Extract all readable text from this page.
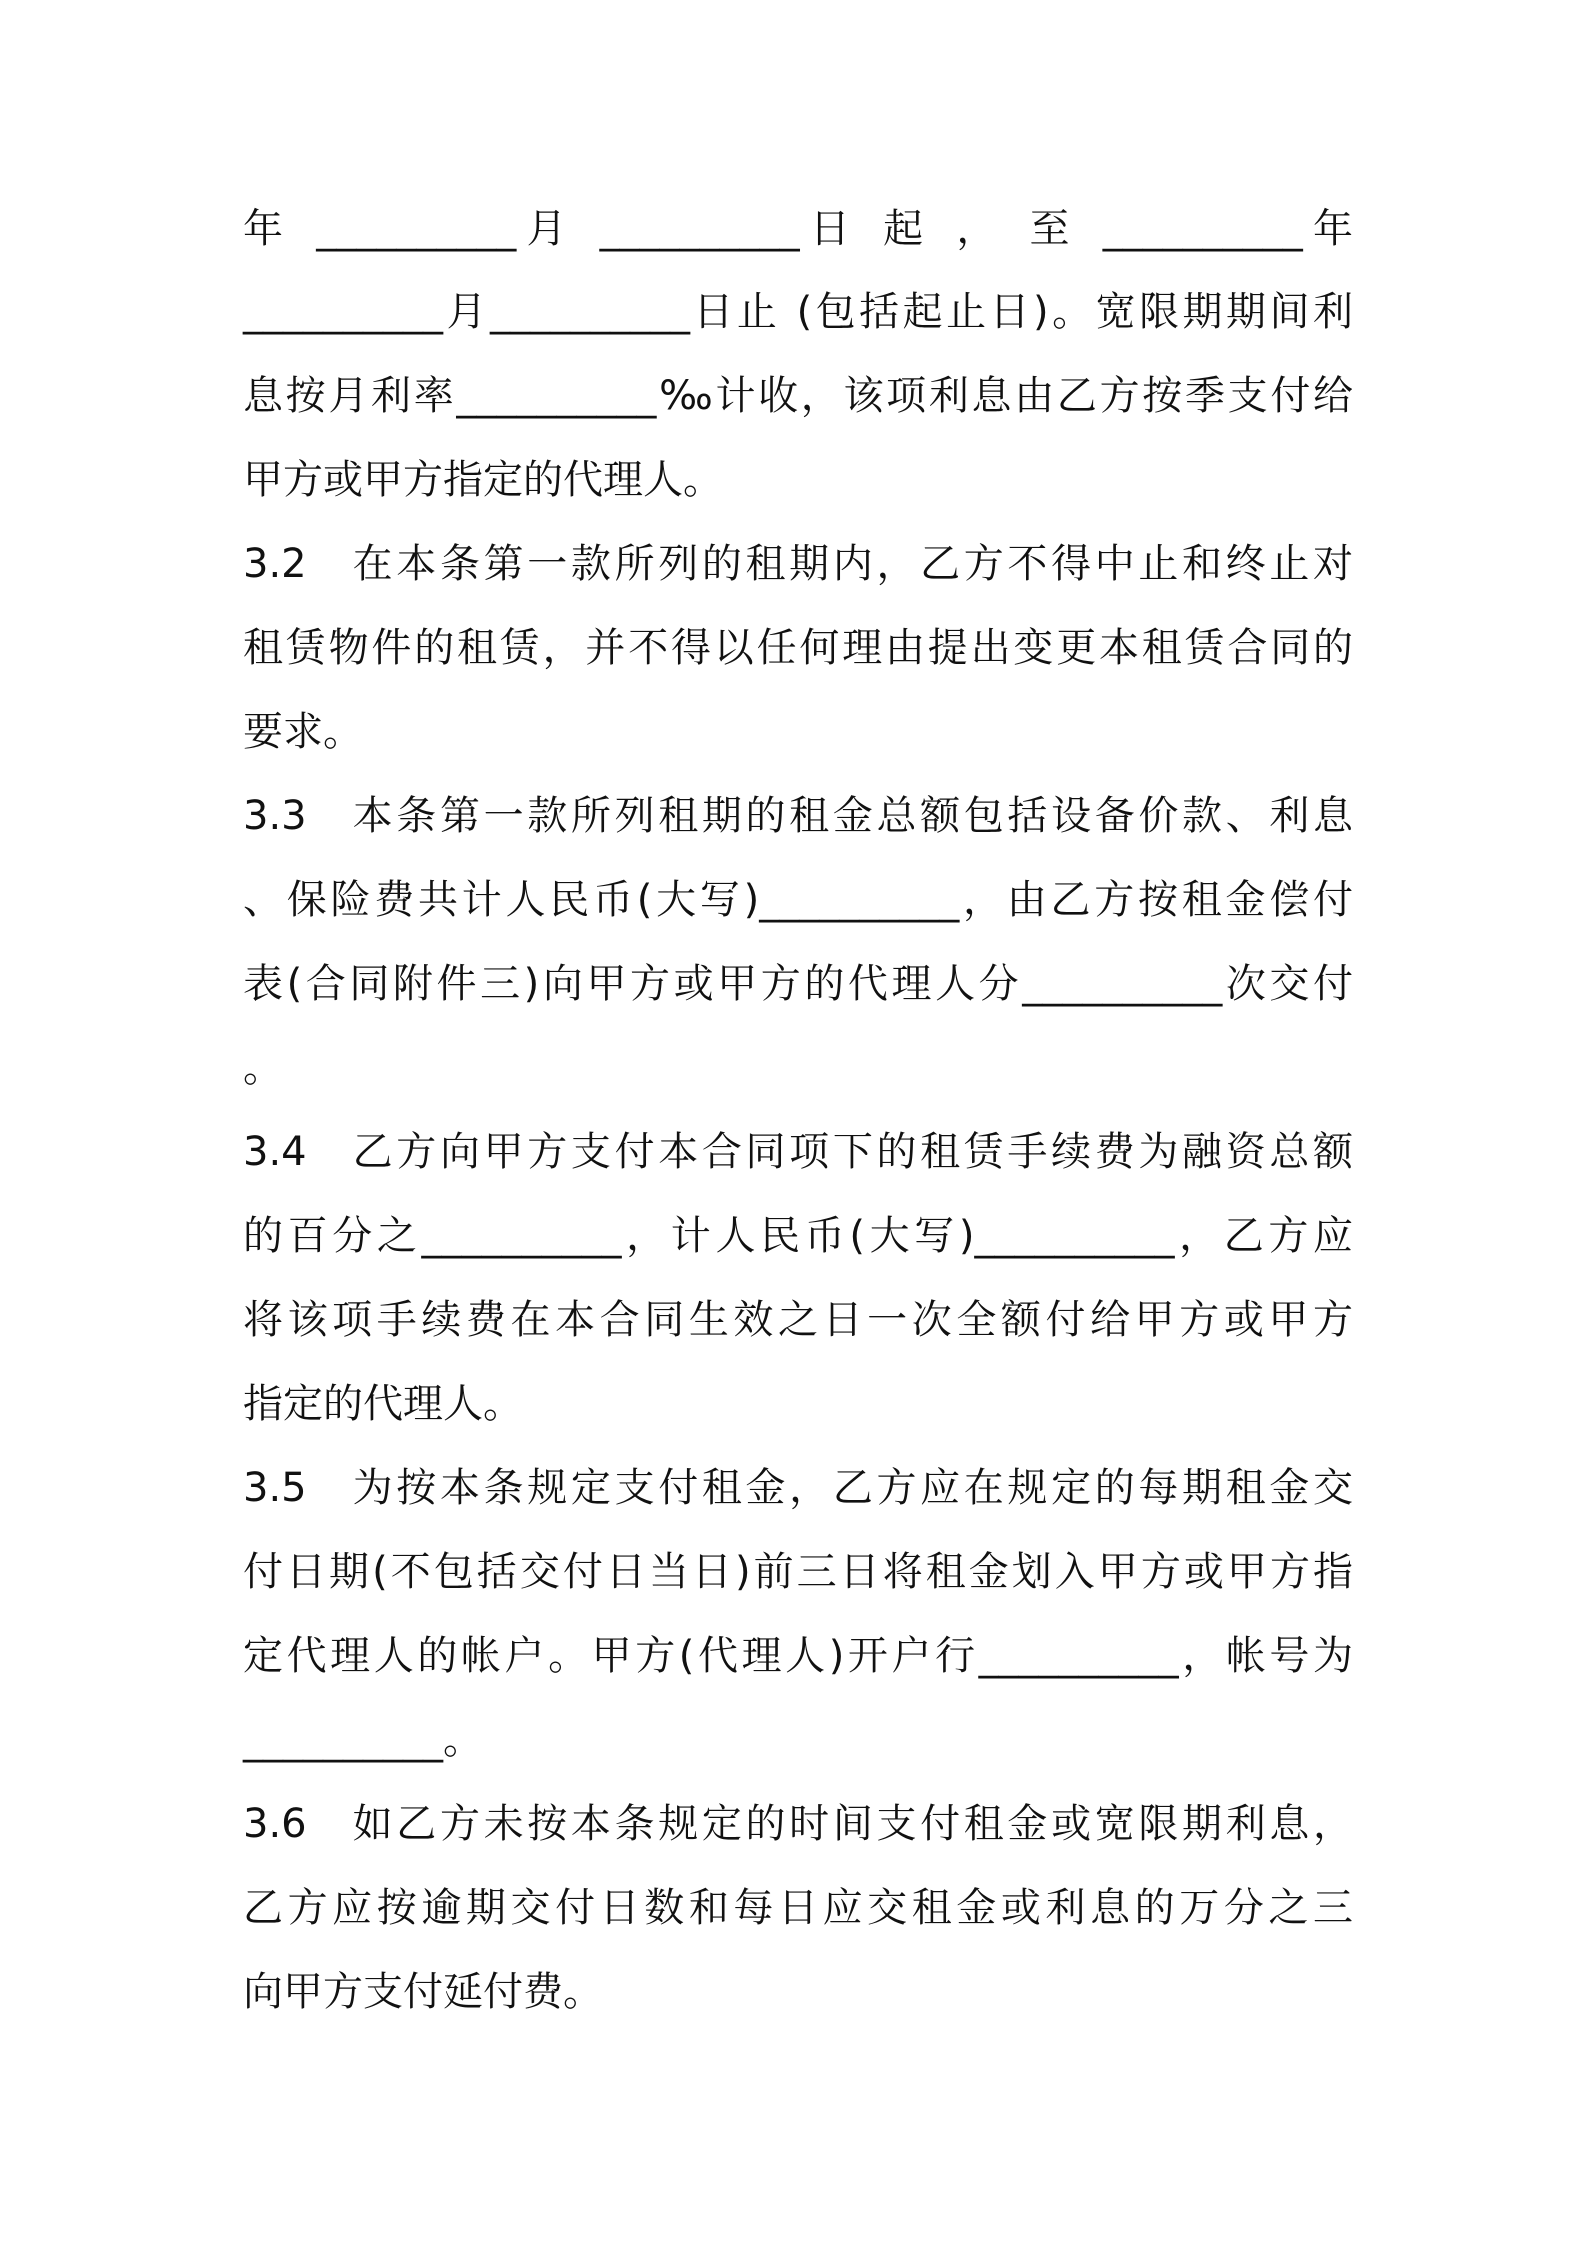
年 __________月 __________日 起 ， 至 __________年
__________月__________日止 (包括起止日)。宽限期期间利
息按月利率__________‰计收，该项利息由乙方按季支付给
甲方或甲方指定的代理人。
3.2 在本条第一款所列的租期内，乙方不得中止和终止对
租赁物件的租赁，并不得以任何理由提出变更本租赁合同的
要求。
3.3 本条第一款所列租期的租金总额包括设备价款、利息
、保险费共计人民币(大写)__________，由乙方按租金偿付
表(合同附件三)向甲方或甲方的代理人分__________次交付
。
3.4 乙方向甲方支付本合同项下的租赁手续费为融资总额
的百分之__________，计人民币(大写)__________，乙方应
将该项手续费在本合同生效之日一次全额付给甲方或甲方
指定的代理人。
3.5 为按本条规定支付租金，乙方应在规定的每期租金交
付日期(不包括交付日当日)前三日将租金划入甲方或甲方指
定代理人的帐户。甲方(代理人)开户行__________，帐号为
__________。
3.6 如乙方未按本条规定的时间支付租金或宽限期利息，
乙方应按逾期交付日数和每日应交租金或利息的万分之三
向甲方支付延付费。
